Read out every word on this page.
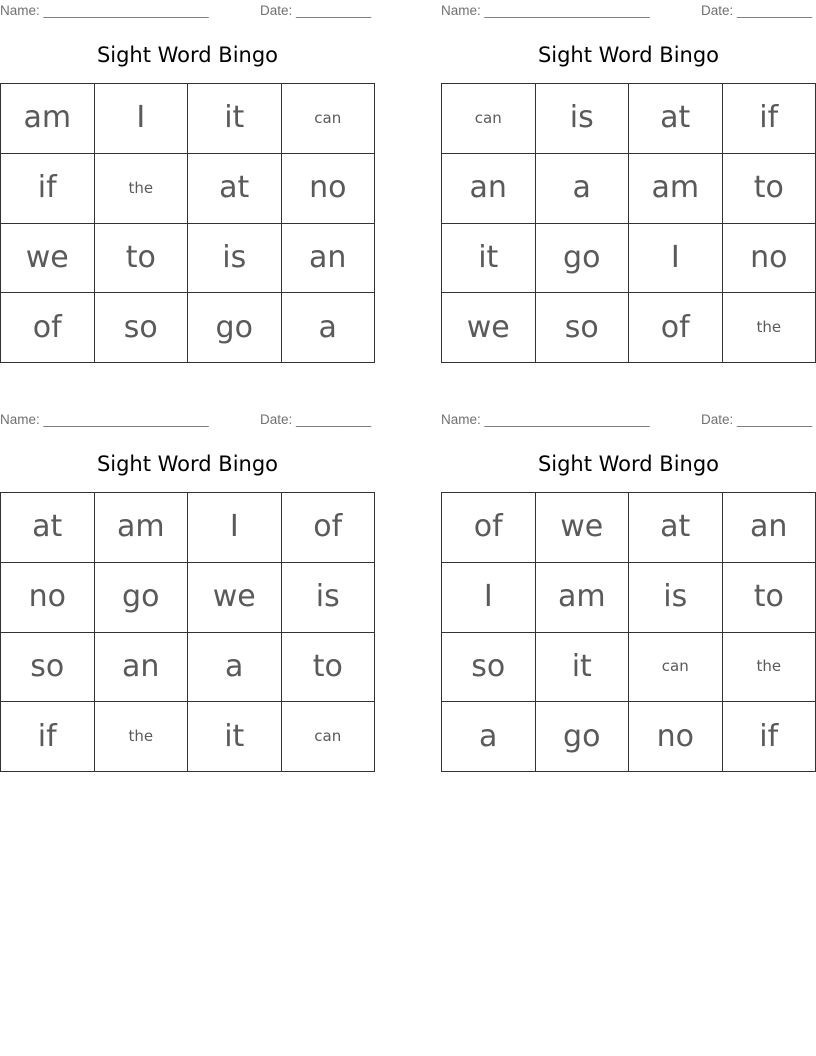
Name: ______________________	Date: __________
Sight Word Bingo
am	I	it	can
if	the	at	no
we	to	is	an
of	so	go	a
Name: ______________________	Date: __________
Sight Word Bingo
can	is	at	if
an	a	am	to
it	go	I	no
we	so	of	the
Name: ______________________	Date: __________
Sight Word Bingo
at	am	I	of
no	go	we	is
so	an	a	to
if	the	it	can
Name: ______________________	Date: __________
Sight Word Bingo
of	we	at	an
I	am	is	to
so	it	can	the
a	go	no	if
